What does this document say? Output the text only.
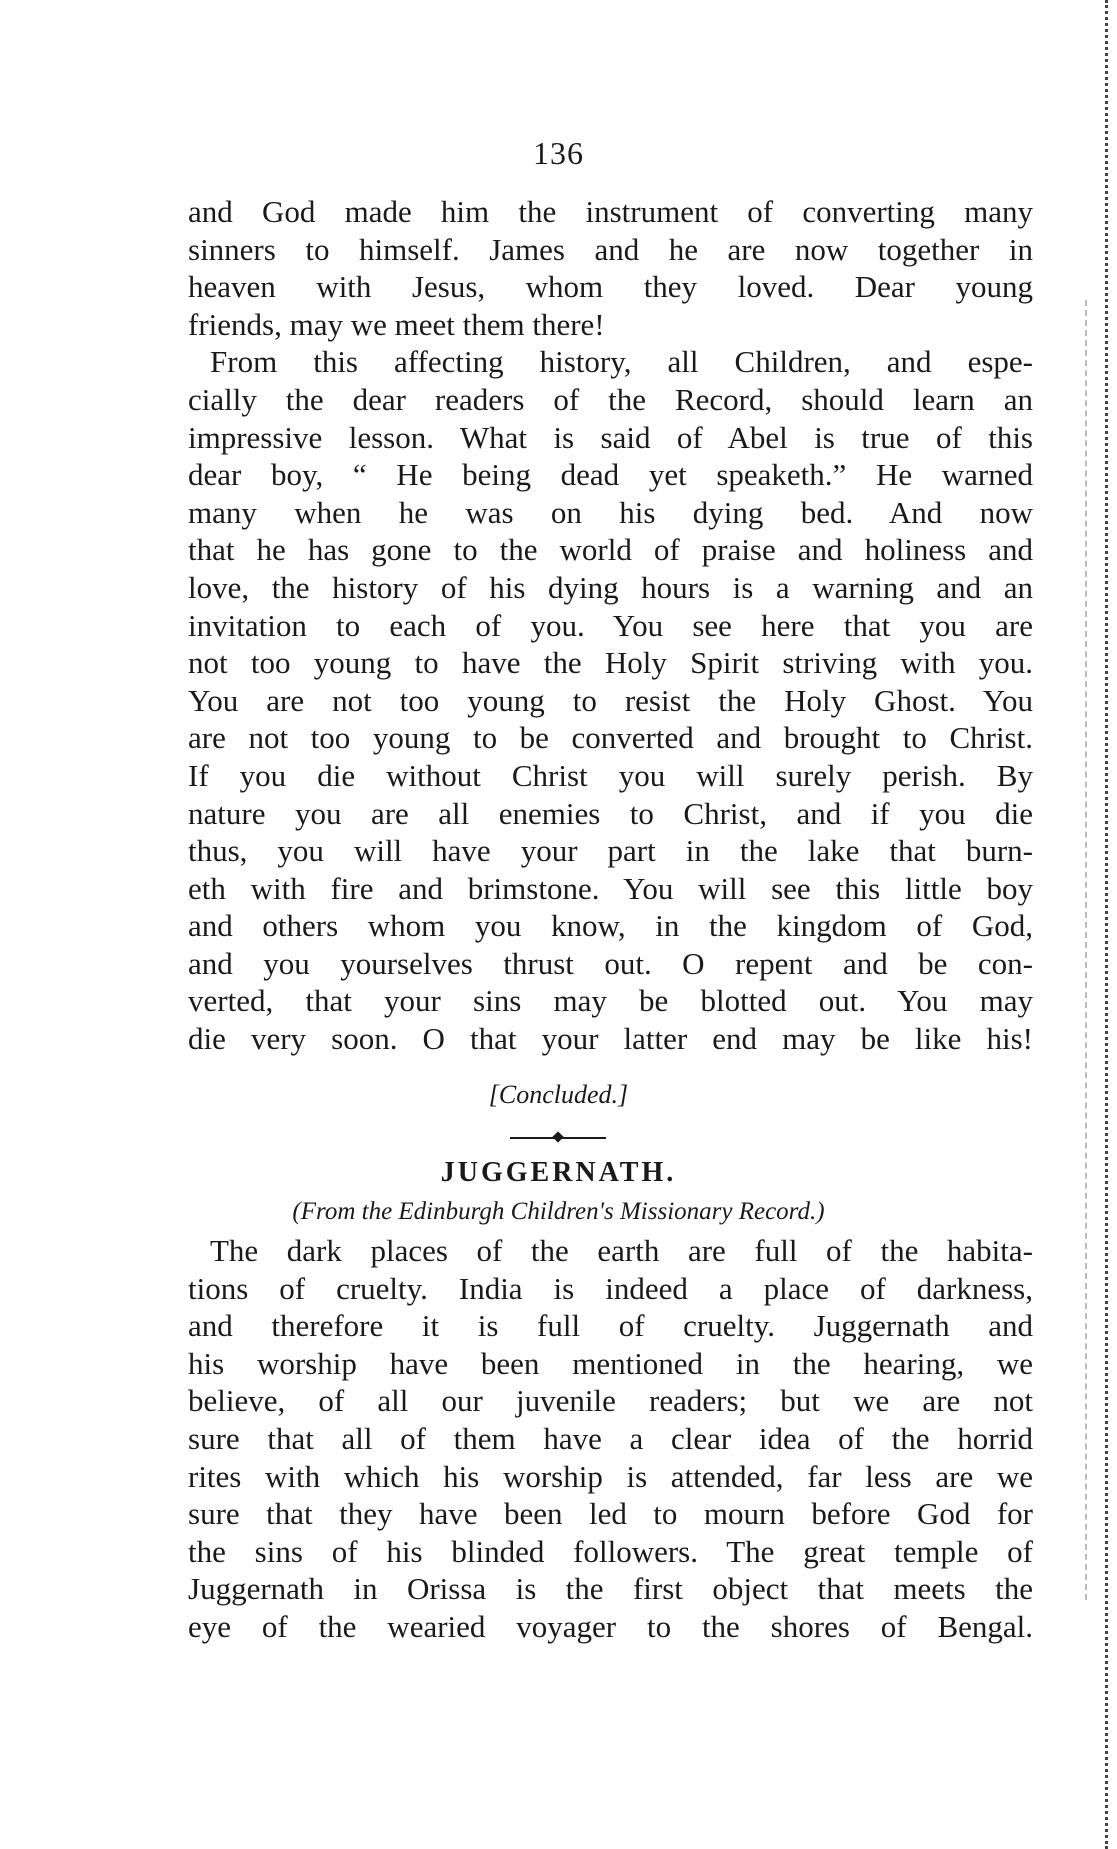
136
and God made him the instrument of converting many
sinners to himself. James and he are now together in
heaven with Jesus, whom they loved. Dear young
friends, may we meet them there!
From this affecting history, all Children, and espe-
cially the dear readers of the Record, should learn an
impressive lesson. What is said of Abel is true of this
dear boy, “ He being dead yet speaketh.” He warned
many when he was on his dying bed. And now
that he has gone to the world of praise and holiness and
love, the history of his dying hours is a warning and an
invitation to each of you. You see here that you are
not too young to have the Holy Spirit striving with you.
You are not too young to resist the Holy Ghost. You
are not too young to be converted and brought to Christ.
If you die without Christ you will surely perish. By
nature you are all enemies to Christ, and if you die
thus, you will have your part in the lake that burn-
eth with fire and brimstone. You will see this little boy
and others whom you know, in the kingdom of God,
and you yourselves thrust out. O repent and be con-
verted, that your sins may be blotted out. You may
die very soon. O that your latter end may be like his!
[Concluded.]
JUGGERNATH.
(From the Edinburgh Children's Missionary Record.)
The dark places of the earth are full of the habita-
tions of cruelty. India is indeed a place of darkness,
and therefore it is full of cruelty. Juggernath and
his worship have been mentioned in the hearing, we
believe, of all our juvenile readers; but we are not
sure that all of them have a clear idea of the horrid
rites with which his worship is attended, far less are we
sure that they have been led to mourn before God for
the sins of his blinded followers. The great temple of
Juggernath in Orissa is the first object that meets the
eye of the wearied voyager to the shores of Bengal.
